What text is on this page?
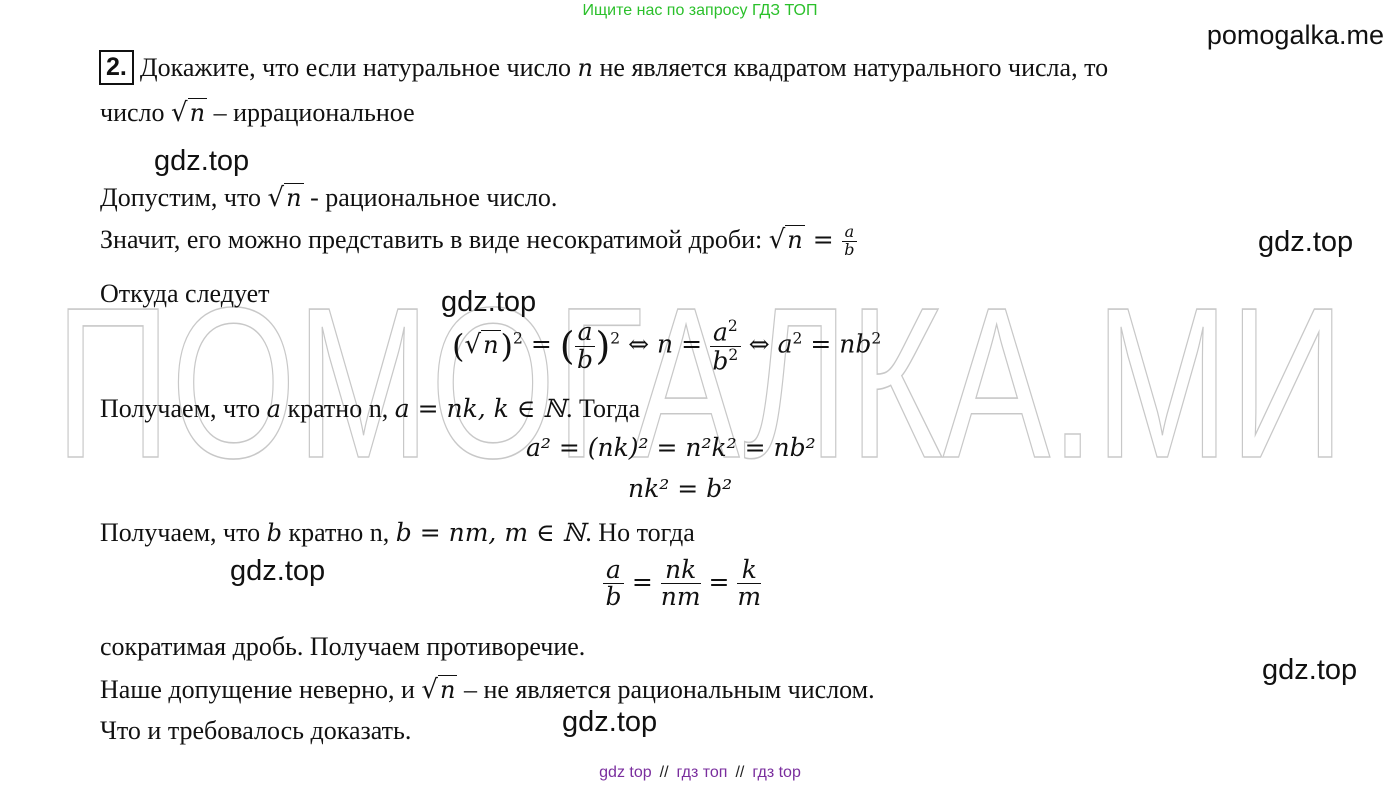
ПОМОГАЛКА.МИ
Ищите нас по запросу ГДЗ ТОП
pomogalka.me
2. Докажите, что если натуральное число n не является квадратом натурального числа, то
число √n – иррациональное
gdz.top
Допустим, что √n - рациональное число.
Значит, его можно представить в виде несократимой дроби: $√n = \frac{a}{b}$	gdz.top
Откуда следует	gdz.top
$(√n)^2$ = ( $\frac{a}{b} )^2$ ⇔ $n = \frac{a^2}{b^2}$ ⇔ $a^2 = nb^2$
Получаем, что a кратно n, a = nk, k ∈ ℕ. Тогда
a² = (nk)² = n²k² = nb²
nk² = b²
Получаем, что b кратно n, b = nm, m ∈ ℕ. Но тогда
gdz.top	$\frac{a}{b} = \frac{nk}{nm} = \frac{k}{m}$
сократимая дробь. Получаем противоречие.
gdz.top
Наше допущение неверно, и √n – не является рациональным числом.
gdz.top
Что и требовалось доказать.
gdz top // гдз топ // гдз top
